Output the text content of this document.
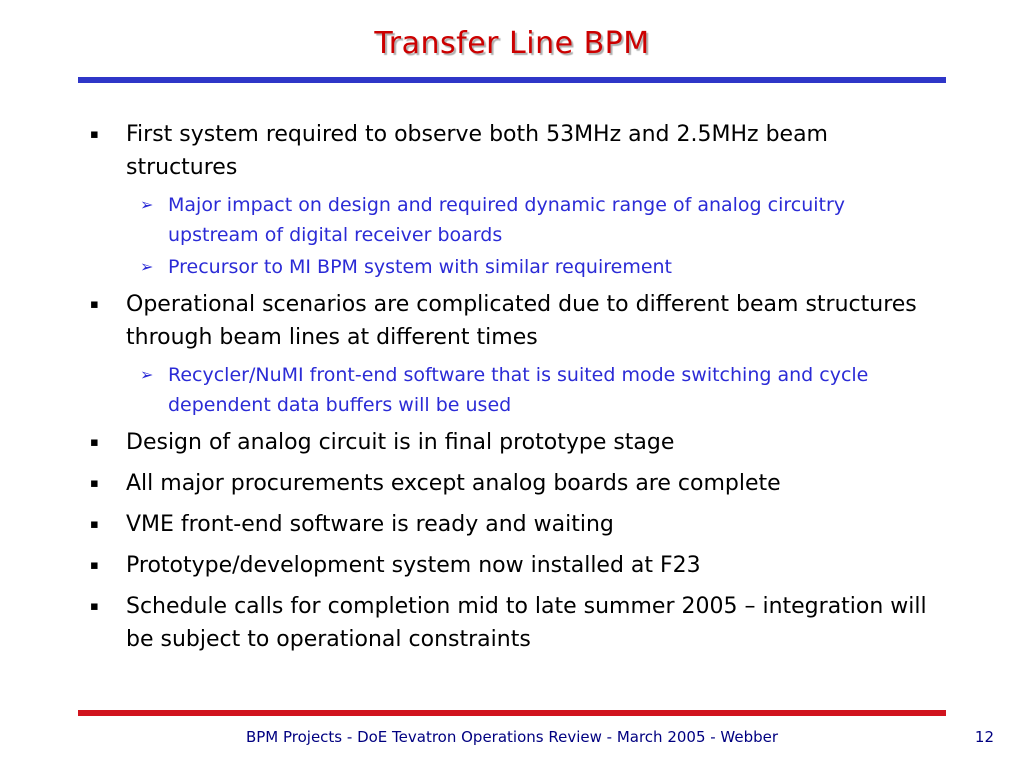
Transfer Line BPM
▪ First system required to observe both 53MHz and 2.5MHz beam structures
➢ Major impact on design and required dynamic range of analog circuitry upstream of digital receiver boards
➢ Precursor to MI BPM system with similar requirement
▪ Operational scenarios are complicated due to different beam structures through beam lines at different times
➢ Recycler/NuMI front-end software that is suited mode switching and cycle dependent data buffers will be used
▪ Design of analog circuit is in final prototype stage
▪ All major procurements except analog boards are complete
▪ VME front-end software is ready and waiting
▪ Prototype/development system now installed at F23
▪ Schedule calls for completion mid to late summer 2005 – integration will be subject to operational constraints
BPM Projects - DoE Tevatron Operations Review - March 2005 - Webber	12
